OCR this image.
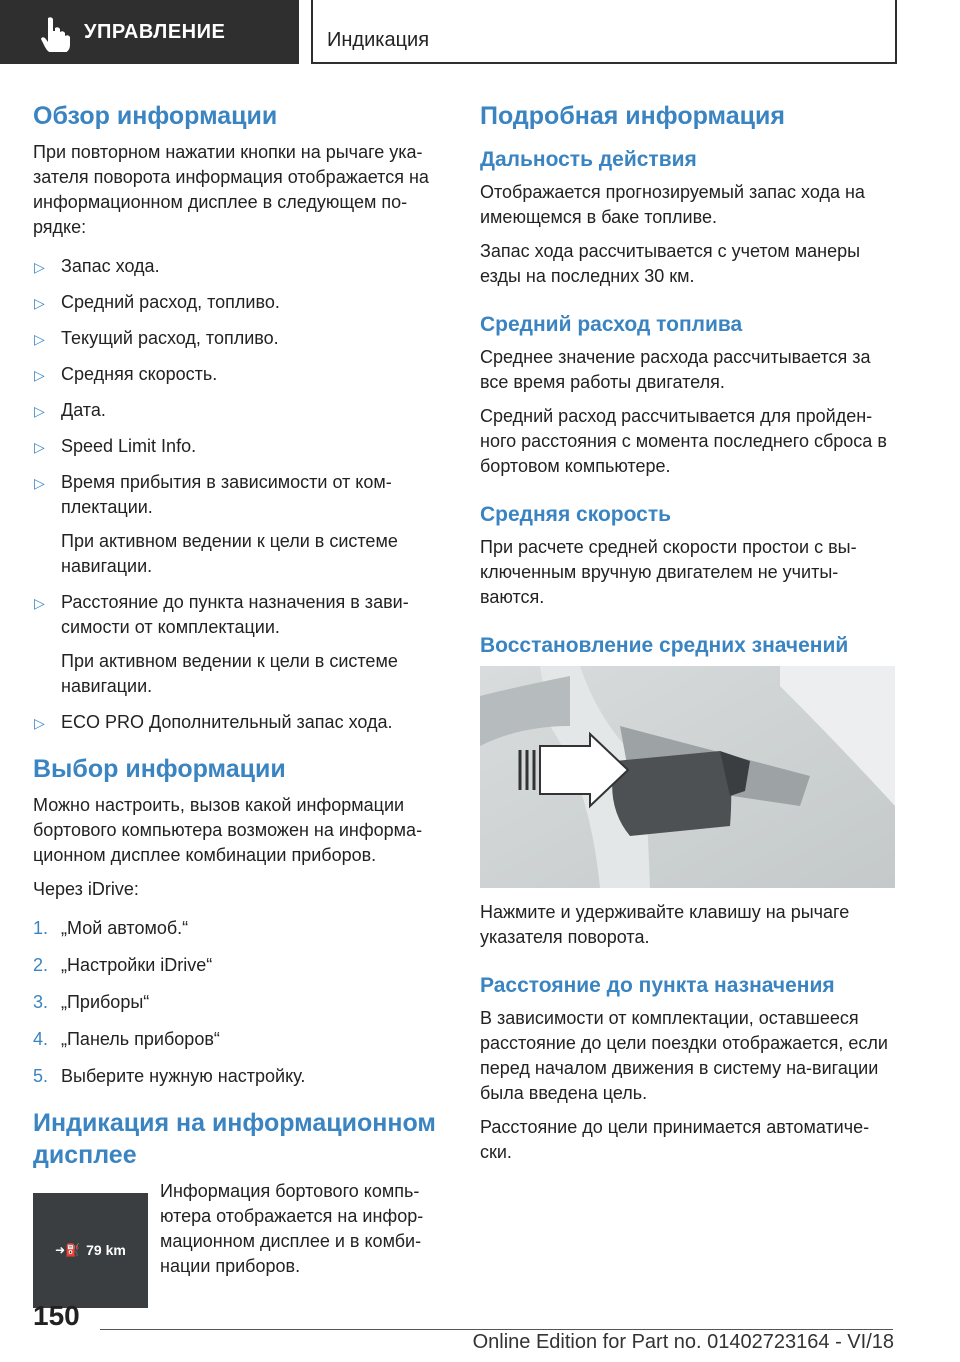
УПРАВЛЕНИЕ	Индикация
Обзор информации

При повторном нажатии кнопки на рычаге ука‐зателя поворота информация отображается на информационном дисплее в следующем по‐рядке:

▷ Запас хода.
▷ Средний расход, топливо.
▷ Текущий расход, топливо.
▷ Средняя скорость.
▷ Дата.
▷ Speed Limit Info.
▷ Время прибытия в зависимости от ком‐плектации.

При активном ведении к цели в системе навигации.

▷ Расстояние до пункта назначения в зави‐симости от комплектации.

При активном ведении к цели в системе навигации.

▷ ECO PRO Дополнительный запас хода.
Выбор информации

Можно настроить, вызов какой информации бортового компьютера возможен на информа‐ционном дисплее комбинации приборов.

Через iDrive:

1. „Мой автомоб.“
2. „Настройки iDrive“
3. „Приборы“
4. „Панель приборов“
5. Выберите нужную настройку.
Индикация на информационном дисплее
➜⛽ 79 km
Информация бортового компь‐ютера отображается на инфор‐мационном дисплее и в комби‐нации приборов.
Подробная информация
Дальность действия

Отображается прогнозируемый запас хода на имеющемся в баке топливе.

Запас хода рассчитывается с учетом манеры езды на последних 30 км.

Средний расход топлива

Среднее значение расхода рассчитывается за все время работы двигателя.

Средний расход рассчитывается для пройден‐ного расстояния с момента последнего сброса в бортовом компьютере.

Средняя скорость

При расчете средней скорости простои с вы‐ключенным вручную двигателем не учиты‐ваются.

Восстановление средних значений

Нажмите и удерживайте клавишу на рычаге указателя поворота.

Расстояние до пункта назначения

В зависимости от комплектации, оставшееся расстояние до цели поездки отображается, если перед началом движения в систему на‐вигации была введена цель.

Расстояние до цели принимается автоматиче‐ски.

150
Online Edition for Part no. 01402723164 - VI/18
